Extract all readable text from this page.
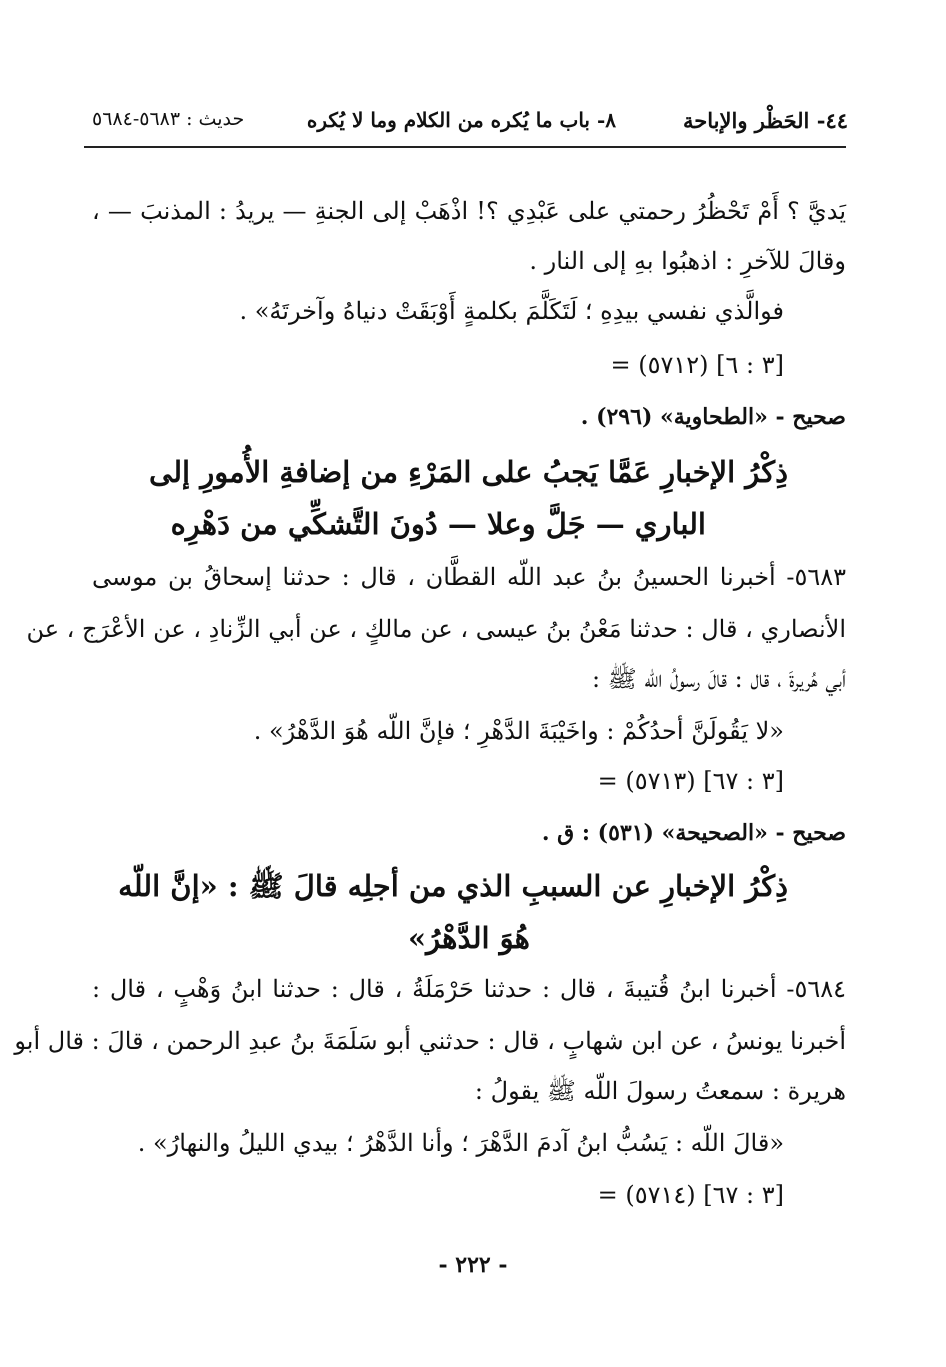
٤٤- الحَظْر والإباحة
٨- باب ما يُكره من الكلام وما لا يُكره
حديث : ٥٦٨٣-٥٦٨٤
يَديَّ ؟ أَمْ تَحْظُرُ رحمتي على عَبْدِي ؟! اذْهَبْ إلى الجنةِ — يريدُ : المذنبَ — ،
وقالَ للآخرِ : اذهبُوا بهِ إلى النار .
فوالَّذي نفسي بيدِهِ ؛ لَتَكَلَّمَ بكلمةٍ أَوْبَقَتْ دنياهُ وآخرتَهُ» .
= (٥٧١٢) [٣ : ٦]
صحيح - «الطحاوية» (٢٩٦) .
ذِكْرُ الإخبارِ عَمَّا يَجبُ على المَرْءِ من إضافةِ الأُمورِ إلى
الباري — جَلَّ وعلا — دُونَ التَّشكِّي من دَهْرِه
٥٦٨٣- أخبرنا الحسينُ بنُ عبد اللّه القطَّان ، قال : حدثنا إسحاقُ بن موسى
الأنصاري ، قال : حدثنا مَعْنُ بنُ عيسى ، عن مالكٍ ، عن أبي الزِّنادِ ، عن الأعْرَج ، عن
أبي هُريرةَ ، قال : قالَ رسولُ اللّه ﷺ :
«لا يَقُولَنَّ أحدُكُمْ : واخَيْبَةَ الدَّهْرِ ؛ فإنَّ اللّه هُوَ الدَّهْرُ» .
= (٥٧١٣) [٣ : ٦٧]
صحيح - «الصحيحة» (٥٣١) : ق .
ذِكْرُ الإخبارِ عن السببِ الذي من أجلِه قالَ ﷺ : «إنَّ اللّه
هُوَ الدَّهْرُ»
٥٦٨٤- أخبرنا ابنُ قُتيبةَ ، قال : حدثنا حَرْمَلَةُ ، قال : حدثنا ابنُ وَهْبٍ ، قال :
أخبرنا يونسُ ، عن ابن شهابٍ ، قال : حدثني أبو سَلَمَةَ بنُ عبدِ الرحمن ، قالَ : قال أبو
هريرة : سمعتُ رسولَ اللّه ﷺ يقولُ :
«قالَ اللّه : يَسُبُّ ابنُ آدمَ الدَّهْرَ ؛ وأنا الدَّهْرُ ؛ بيدي الليلُ والنهارُ» .
= (٥٧١٤) [٣ : ٦٧]
- ٢٢٢ -
